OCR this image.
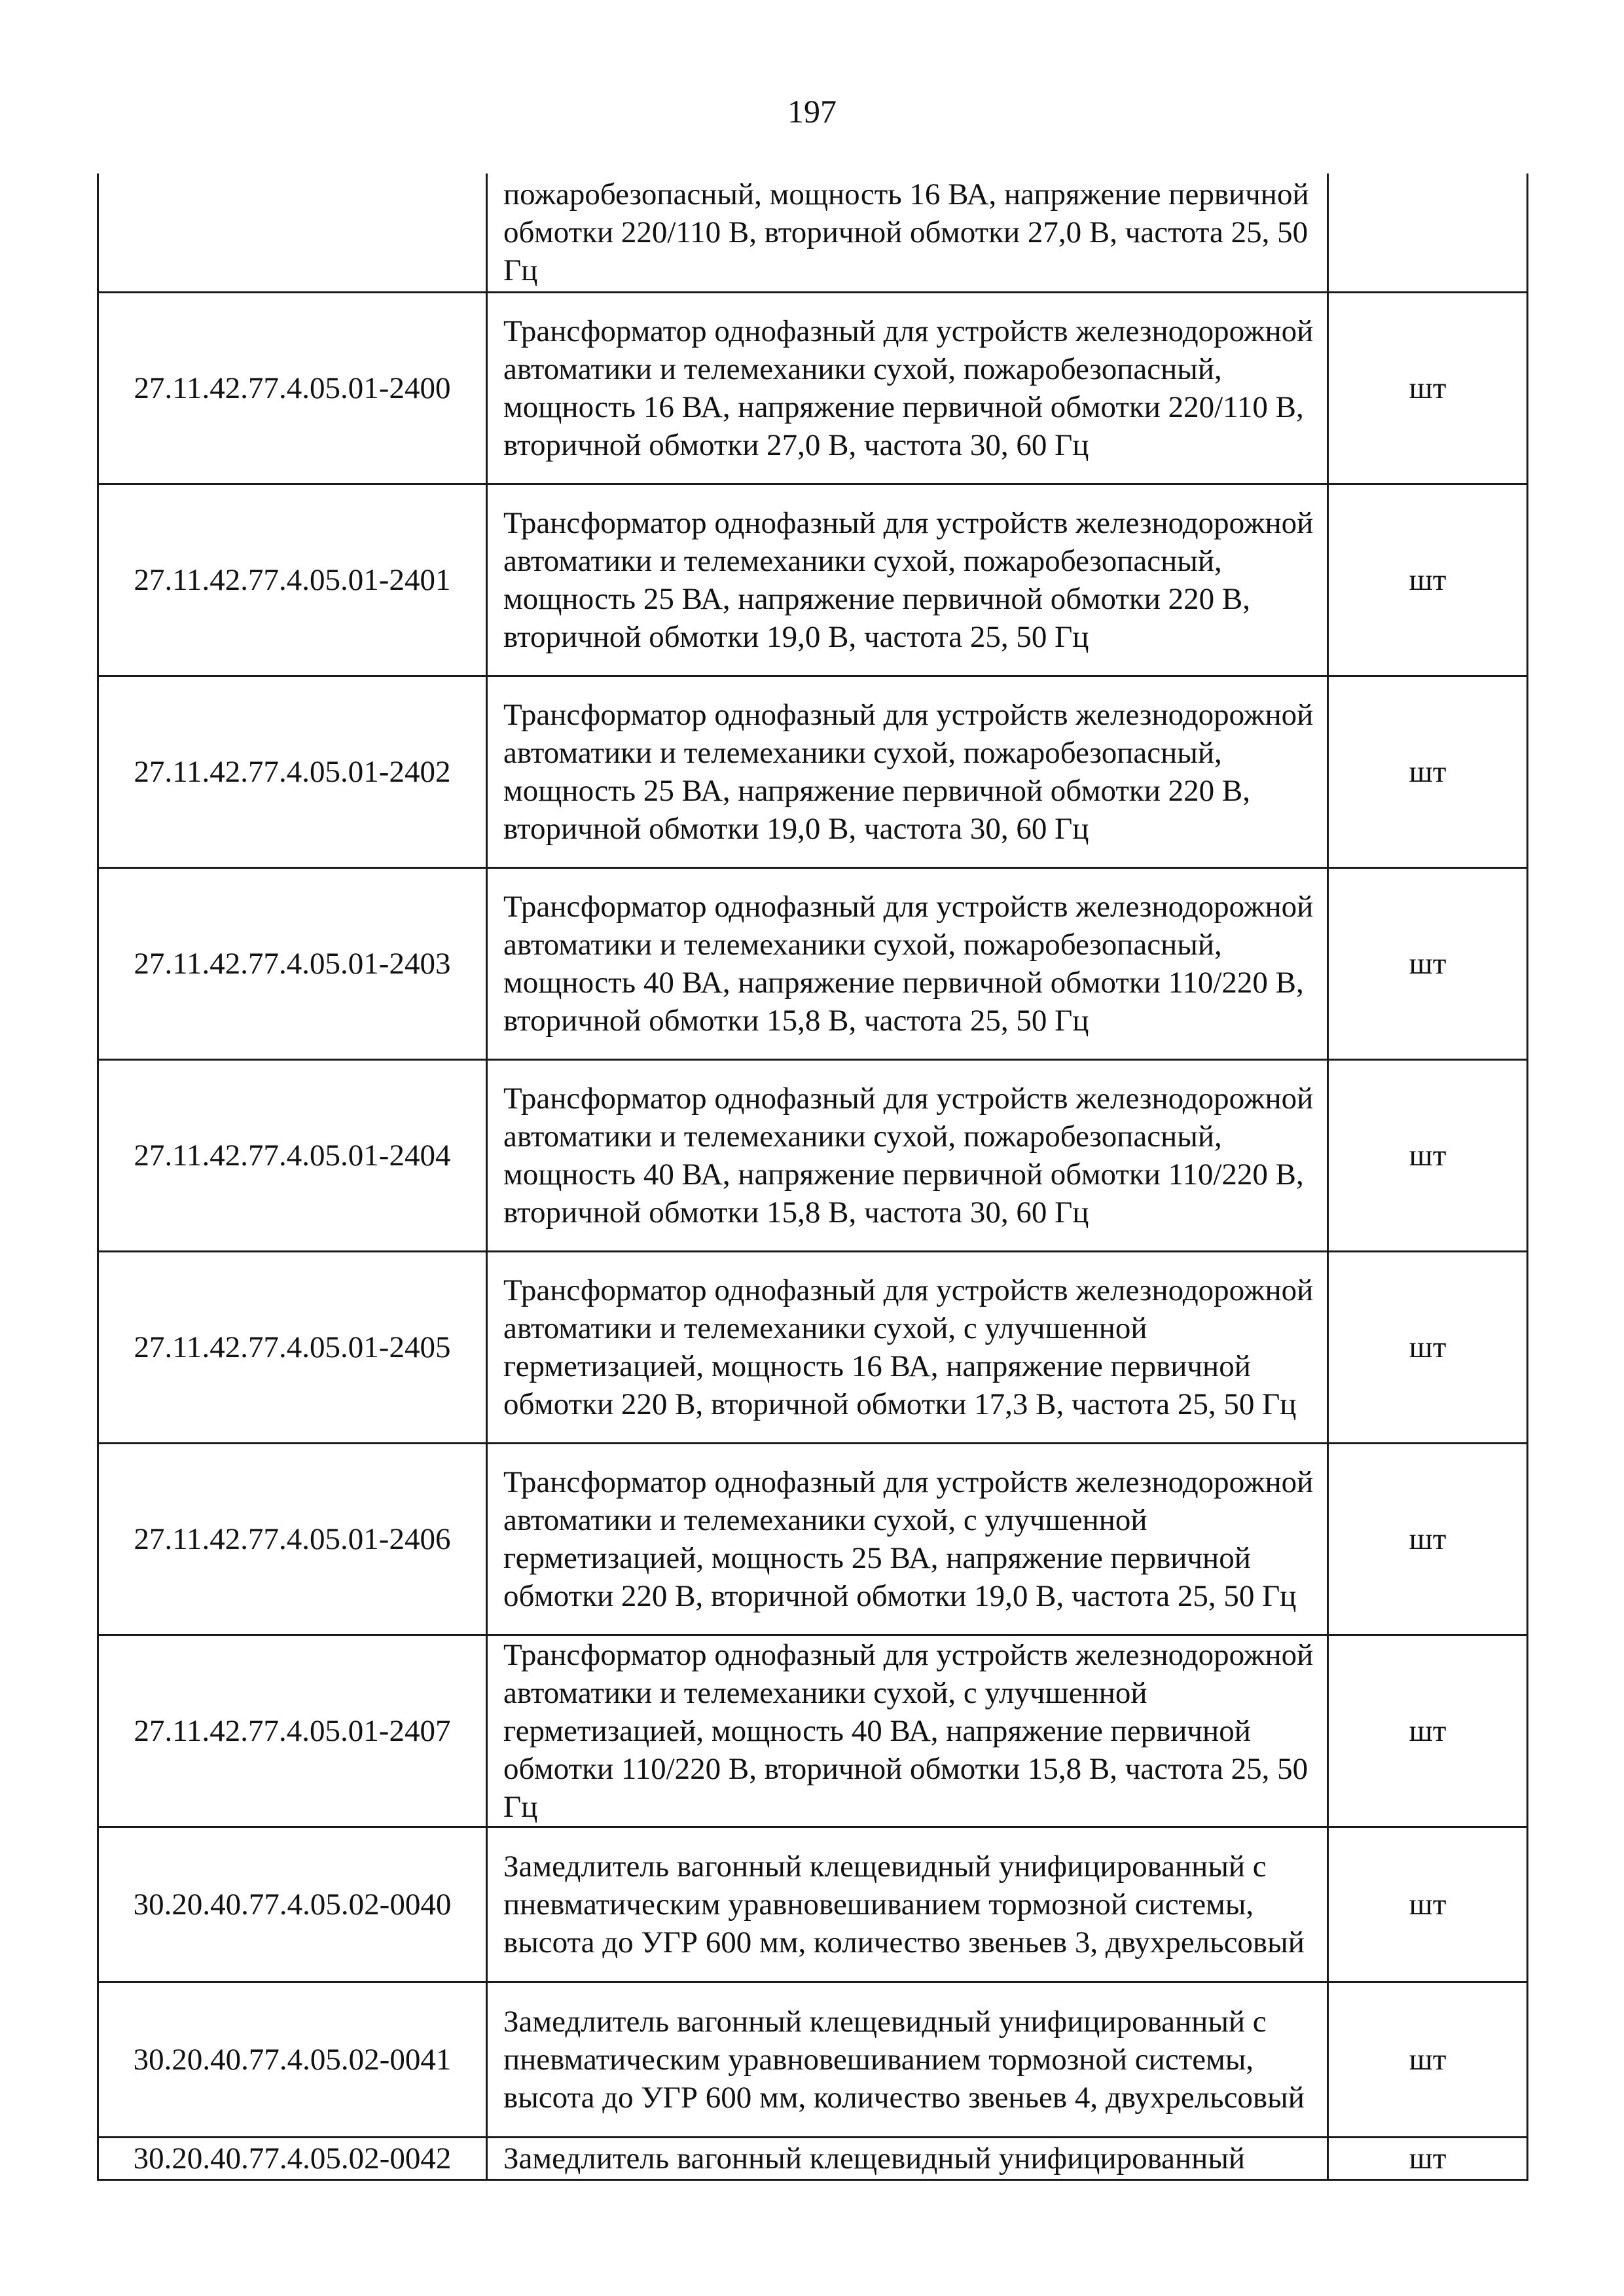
197
	пожаробезопасный, мощность 16 ВА, напряжение первичной обмотки 220/110 В, вторичной обмотки 27,0 В, частота 25, 50 Гц	
27.11.42.77.4.05.01-2400	Трансформатор однофазный для устройств железнодорожной автоматики и телемеханики сухой, пожаробезопасный, мощность 16 ВА, напряжение первичной обмотки 220/110 В, вторичной обмотки 27,0 В, частота 30, 60 Гц	шт
27.11.42.77.4.05.01-2401	Трансформатор однофазный для устройств железнодорожной автоматики и телемеханики сухой, пожаробезопасный, мощность 25 ВА, напряжение первичной обмотки 220 В, вторичной обмотки 19,0 В, частота 25, 50 Гц	шт
27.11.42.77.4.05.01-2402	Трансформатор однофазный для устройств железнодорожной автоматики и телемеханики сухой, пожаробезопасный, мощность 25 ВА, напряжение первичной обмотки 220 В, вторичной обмотки 19,0 В, частота 30, 60 Гц	шт
27.11.42.77.4.05.01-2403	Трансформатор однофазный для устройств железнодорожной автоматики и телемеханики сухой, пожаробезопасный, мощность 40 ВА, напряжение первичной обмотки 110/220 В, вторичной обмотки 15,8 В, частота 25, 50 Гц	шт
27.11.42.77.4.05.01-2404	Трансформатор однофазный для устройств железнодорожной автоматики и телемеханики сухой, пожаробезопасный, мощность 40 ВА, напряжение первичной обмотки 110/220 В, вторичной обмотки 15,8 В, частота 30, 60 Гц	шт
27.11.42.77.4.05.01-2405	Трансформатор однофазный для устройств железнодорожной автоматики и телемеханики сухой, с улучшенной герметизацией, мощность 16 ВА, напряжение первичной обмотки 220 В, вторичной обмотки 17,3 В, частота 25, 50 Гц	шт
27.11.42.77.4.05.01-2406	Трансформатор однофазный для устройств железнодорожной автоматики и телемеханики сухой, с улучшенной герметизацией, мощность 25 ВА, напряжение первичной обмотки 220 В, вторичной обмотки 19,0 В, частота 25, 50 Гц	шт
27.11.42.77.4.05.01-2407	Трансформатор однофазный для устройств железнодорожной автоматики и телемеханики сухой, с улучшенной герметизацией, мощность 40 ВА, напряжение первичной обмотки 110/220 В, вторичной обмотки 15,8 В, частота 25, 50 Гц	шт
30.20.40.77.4.05.02-0040	Замедлитель вагонный клещевидный унифицированный с пневматическим уравновешиванием тормозной системы, высота до УГР 600 мм, количество звеньев 3, двухрельсовый	шт
30.20.40.77.4.05.02-0041	Замедлитель вагонный клещевидный унифицированный с пневматическим уравновешиванием тормозной системы, высота до УГР 600 мм, количество звеньев 4, двухрельсовый	шт
30.20.40.77.4.05.02-0042	Замедлитель вагонный клещевидный унифицированный	шт
